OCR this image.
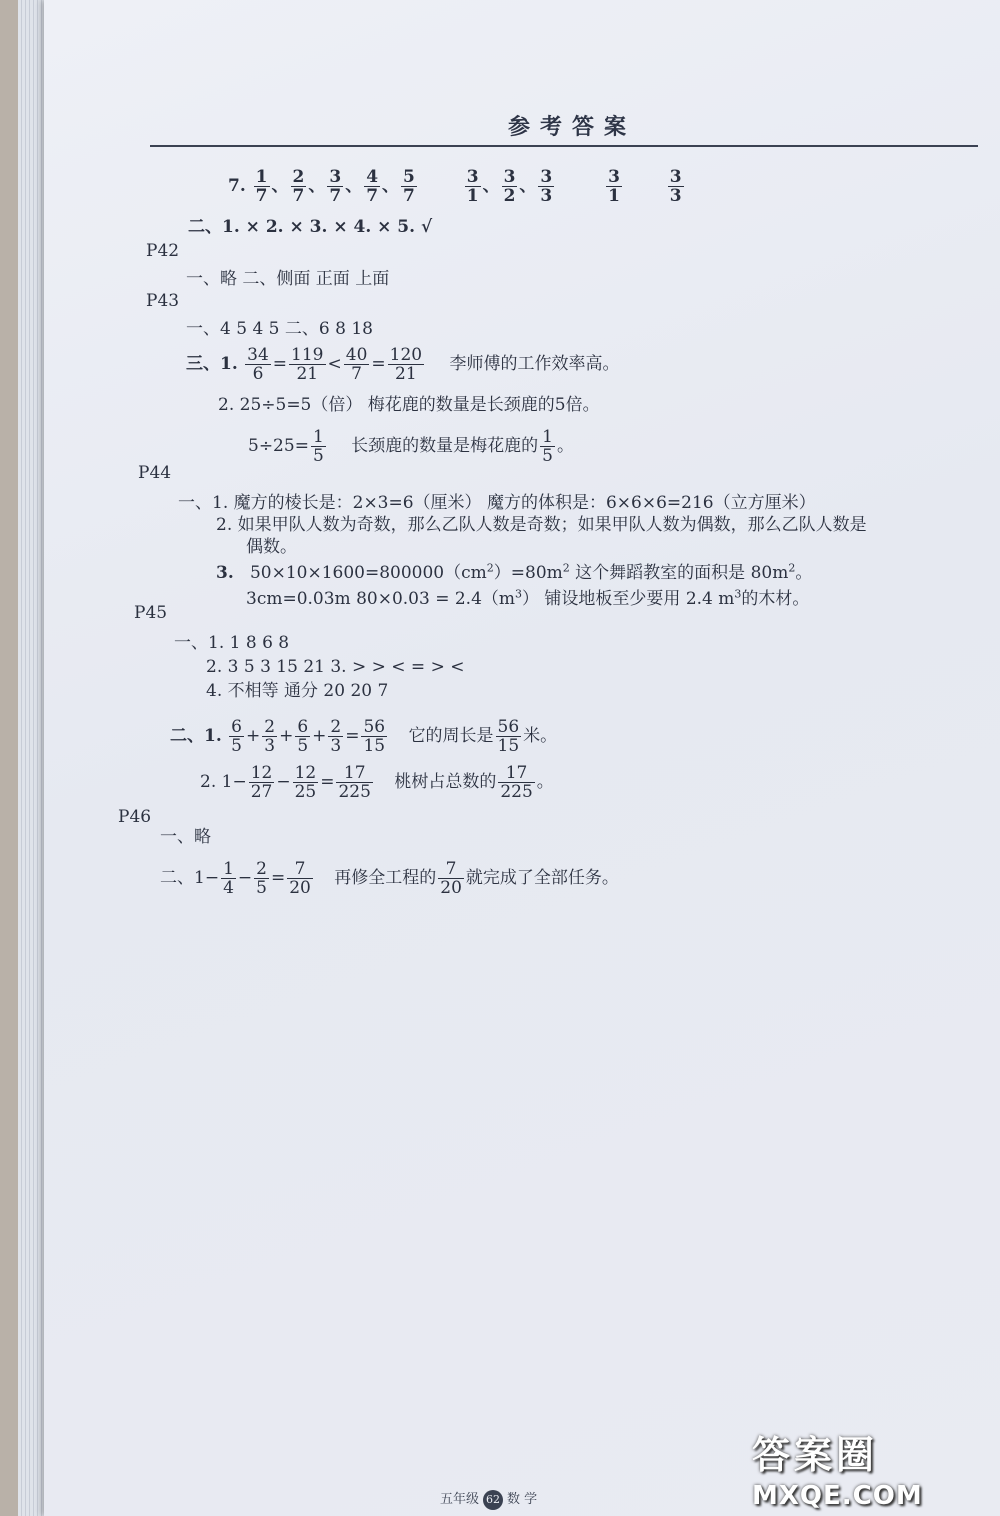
参考答案
7. $\frac{1}{7}$ 、 $\frac{2}{7}$ 、 $\frac{3}{7}$ 、 $\frac{4}{7}$ 、 $\frac{5}{7}$
	$\frac{3}{1}$ 、 $\frac{3}{2}$ 、 $\frac{3}{3}$
	$\frac{3}{1}$
	$\frac{3}{3}$
二、1. × 2. × 3. × 4. × 5. √
P42
一、略 二、侧面 正面 上面
P43
一、4 5 4 5 二、6 8 18
三、1. $\frac{34}{6} = \frac{119}{21} < \frac{40}{7} = \frac{120}{21}$ 李师傅的工作效率高。
2. 25÷5=5（倍） 梅花鹿的数量是长颈鹿的5倍。
$5\div 25= \frac{1}{5}$ 长颈鹿的数量是梅花鹿的 $\frac{1}{5}$ 。
P44
一、1. 魔方的棱长是：2×3=6（厘米） 魔方的体积是：6×6×6=216（立方厘米）
2. 如果甲队人数为奇数，那么乙队人数是奇数；如果甲队人数为偶数，那么乙队人数是
偶数。
3. $50\times 10\times 1600=800000(cm^2)=80m^2$ 这个舞蹈教室的面积是 $80m^2$。
3cm=0.03m $80\times 0.03 = 2.4(m^3)$ 铺设地板至少要用 2.4 $m^3$的木材。
P45
一、1. 1 8 6 8
2. 3 5 3 15 21 3. > > < = > <
4. 不相等 通分 20 20 7
二、1. $\frac{6}{5} + \frac{2}{3} + \frac{6}{5} + \frac{2}{3} = \frac{56}{15}$ 它的周长是 $\frac{56}{15}$ 米。
2. $1- \frac{12}{27} - \frac{12}{25} = \frac{17}{225}$ 桃树占总数的 $\frac{17}{225}$ 。
P46
一、略
二、$1- \frac{1}{4} - \frac{2}{5} = \frac{7}{20}$ 再修全工程的 $\frac{7}{20}$ 就完成了全部任务。
五年级 62 数 学
答案圈
MXQE.COM
